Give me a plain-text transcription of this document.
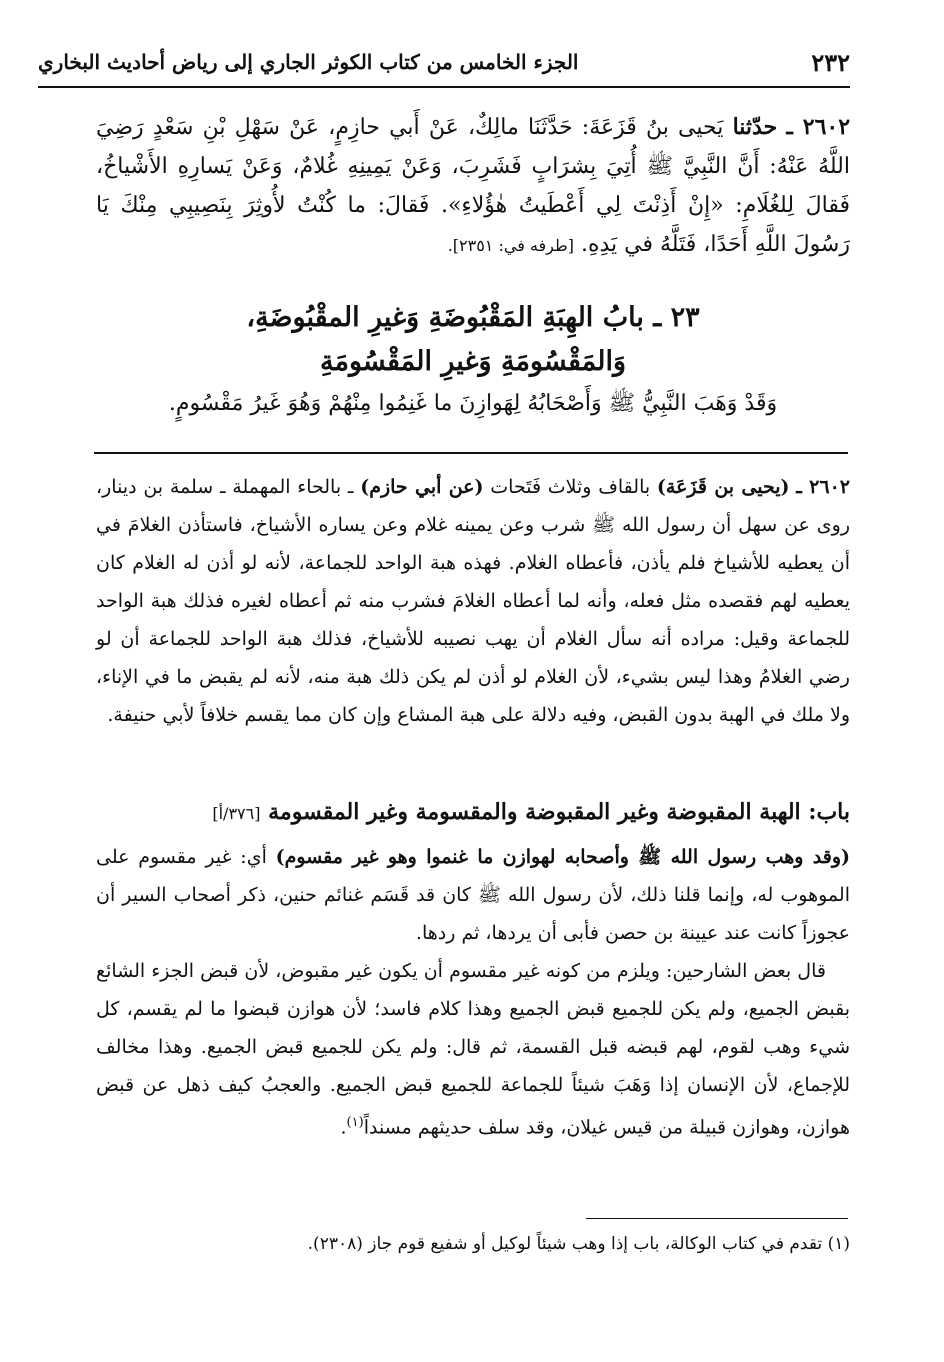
٢٣٢
الجزء الخامس من كتاب الكوثر الجاري إلى رياض أحاديث البخاري

٢٦٠٢ ـ حدّثنا يَحيى بنُ قَزَعَةَ: حَدَّثَنَا مالِكٌ، عَنْ أَبي حازِمٍ، عَنْ سَهْلِ بْنِ سَعْدٍ رَضِيَ اللَّهُ عَنْهُ: أَنَّ النَّبِيَّ ﷺ أُتِيَ بِشرَابٍ فَشَرِبَ، وَعَنْ يَمِينِهِ غُلامٌ، وَعَنْ يَسارِهِ الأَشْياخُ، فَقالَ لِلغُلَامِ: «إِنْ أَذِنْتَ لِي أَعْطَيتُ هٰؤُلاءِ». فَقالَ: ما كُنْتُ لأُوثِرَ بِنَصِيبِي مِنْكَ يَا رَسُولَ اللَّهِ أَحَدًا، فَتَلَّهُ في يَدِهِ. [طرفه في: ٢٣٥١].

٢٣ ـ بابُ الهِبَةِ المَقْبُوضَةِ وَغيرِ المقْبُوضَةِ،
وَالمَقْسُومَةِ وَغيرِ المَقْسُومَةِ
وَقَدْ وَهَبَ النَّبِيُّ ﷺ وَأَصْحَابُهُ لِهَوازِنَ ما غَنِمُوا مِنْهُمْ وَهُوَ غَيرُ مَقْسُومٍ.

٢٦٠٢ ـ (يحيى بن قَزَعَة) بالقاف وثلاث فَتَحات (عن أبي حازم) ـ بالحاء المهملة ـ سلمة بن دينار، روى عن سهل أن رسول الله ﷺ شرب وعن يمينه غلام وعن يساره الأشياخ، فاستأذن الغلامَ في أن يعطيه للأشياخ فلم يأذن، فأعطاه الغلام. فهذه هبة الواحد للجماعة، لأنه لو أذن له الغلام كان يعطيه لهم فقصده مثل فعله، وأنه لما أعطاه الغلامَ فشرب منه ثم أعطاه لغيره فذلك هبة الواحد للجماعة وقيل: مراده أنه سأل الغلام أن يهب نصيبه للأشياخ، فذلك هبة الواحد للجماعة أن لو رضي الغلامُ وهذا ليس بشيء، لأن الغلام لو أذن لم يكن ذلك هبة منه، لأنه لم يقبض ما في الإناء، ولا ملك في الهبة بدون القبض، وفيه دلالة على هبة المشاع وإن كان مما يقسم خلافاً لأبي حنيفة.

باب: الهبة المقبوضة وغير المقبوضة والمقسومة وغير المقسومة [٣٧٦/أ]

(وقد وهب رسول الله ﷺ وأصحابه لهوازن ما غنموا وهو غير مقسوم) أي: غير مقسوم على الموهوب له، وإنما قلنا ذلك، لأن رسول الله ﷺ كان قد قَسَم غنائم حنين، ذكر أصحاب السير أن عجوزاً كانت عند عيينة بن حصن فأبى أن يردها، ثم ردها.

قال بعض الشارحين: ويلزم من كونه غير مقسوم أن يكون غير مقبوض، لأن قبض الجزء الشائع بقبض الجميع، ولم يكن للجميع قبض الجميع وهذا كلام فاسد؛ لأن هوازن قبضوا ما لم يقسم، كل شيء وهب لقوم، لهم قبضه قبل القسمة، ثم قال: ولم يكن للجميع قبض الجميع. وهذا مخالف للإجماع، لأن الإنسان إذا وَهَبَ شيئاً للجماعة للجميع قبض الجميع. والعجبُ كيف ذهل عن قبض هوازن، وهوازن قبيلة من قيس غيلان، وقد سلف حديثهم مسنداً$^{(١)}$.

(١) تقدم في كتاب الوكالة، باب إذا وهب شيئاً لوكيل أو شفيع قوم جاز (٢٣٠٨).
